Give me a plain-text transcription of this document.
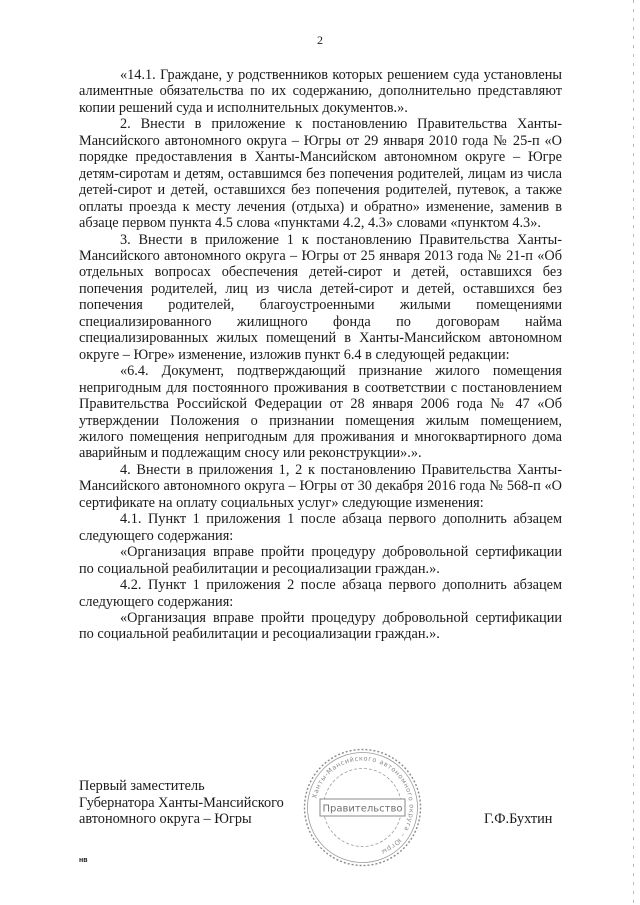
2

«14.1. Граждане, у родственников которых решением суда установлены алиментные обязательства по их содержанию, дополнительно представляют копии решений суда и исполнительных документов.».

2. Внести в приложение к постановлению Правительства Ханты-Мансийского автономного округа – Югры от 29 января 2010 года № 25-п «О порядке предоставления в Ханты-Мансийском автономном округе – Югре детям-сиротам и детям, оставшимся без попечения родителей, лицам из числа детей-сирот и детей, оставшихся без попечения родителей, путевок, а также оплаты проезда к месту лечения (отдыха) и обратно» изменение, заменив в абзаце первом пункта 4.5 слова «пунктами 4.2, 4.3» словами «пунктом 4.3».

3. Внести в приложение 1 к постановлению Правительства Ханты-Мансийского автономного округа – Югры от 25 января 2013 года № 21-п «Об отдельных вопросах обеспечения детей-сирот и детей, оставшихся без попечения родителей, лиц из числа детей-сирот и детей, оставшихся без попечения родителей, благоустроенными жилыми помещениями специализированного жилищного фонда по договорам найма специализированных жилых помещений в Ханты-Мансийском автономном округе – Югре» изменение, изложив пункт 6.4 в следующей редакции:

«6.4. Документ, подтверждающий признание жилого помещения непригодным для постоянного проживания в соответствии с постановлением Правительства Российской Федерации от 28 января 2006 года № 47 «Об утверждении Положения о признании помещения жилым помещением, жилого помещения непригодным для проживания и многоквартирного дома аварийным и подлежащим сносу или реконструкции».».

4. Внести в приложения 1, 2 к постановлению Правительства Ханты-Мансийского автономного округа – Югры от 30 декабря 2016 года № 568-п «О сертификате на оплату социальных услуг» следующие изменения:

4.1. Пункт 1 приложения 1 после абзаца первого дополнить абзацем следующего содержания:

«Организация вправе пройти процедуру добровольной сертификации по социальной реабилитации и ресоциализации граждан.».

4.2. Пункт 1 приложения 2 после абзаца первого дополнить абзацем следующего содержания:

«Организация вправе пройти процедуру добровольной сертификации по социальной реабилитации и ресоциализации граждан.».

Первый заместитель
Губернатора Ханты-Мансийского
автономного округа – Югры
Ханты-Мансийского автономного округа – Югры
Правительство
Г.Ф.Бухтин
нв
